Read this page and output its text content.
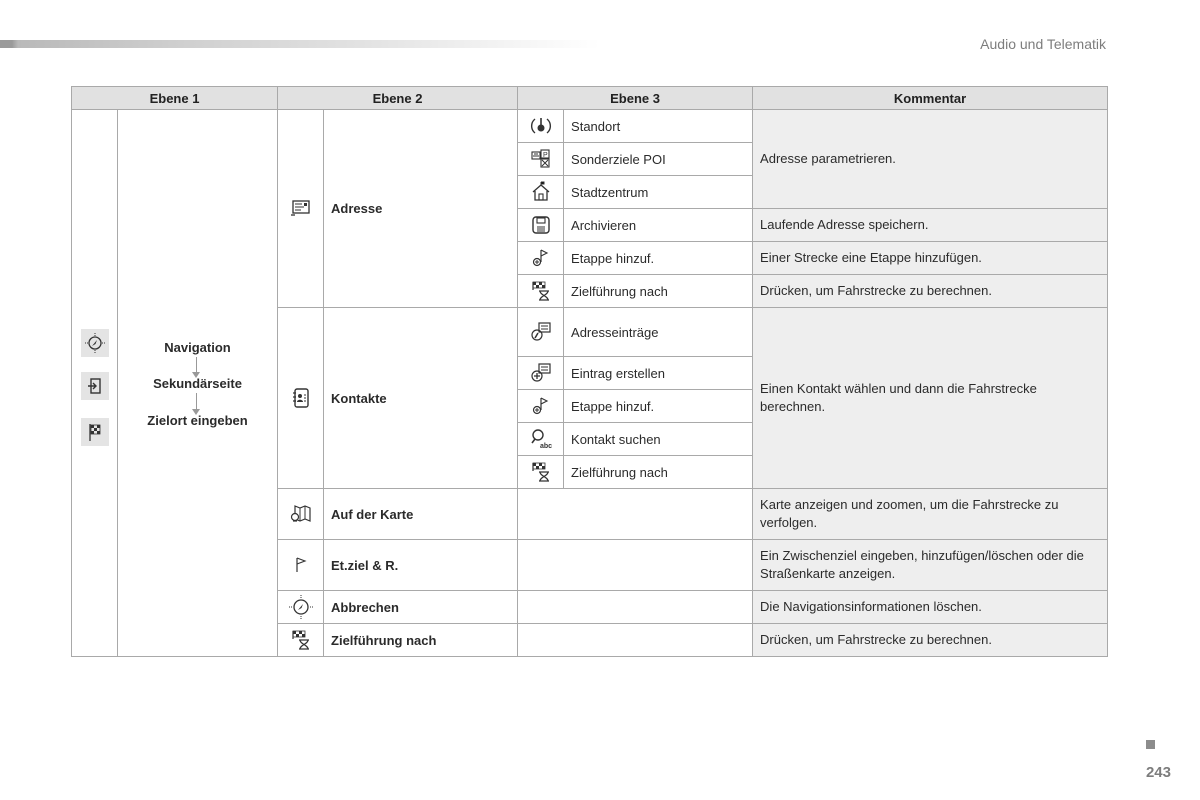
Audio und Telematik
Ebene 1		Ebene 2		Ebene 3		Kommentar

Navigation
Sekundärseite
Zielort eingeben		Adresse		Standort	Adresse parametrieren.

P	Sonderziele POI	

	Stadtzentrum	

	Archivieren	Laufende Adresse speichern.

	Etappe hinzuf.	Einer Strecke eine Etappe hinzufügen.

	Zielführung nach	Drücken, um Fahrstrecke zu berechnen.

	Kontakte		Adresseinträge	Einen Kontakt wählen und dann die Fahrstrecke berechnen.

	Eintrag erstellen	

	Etappe hinzuf.	

abc	Kontakt suchen	

	Zielführung nach	

	Auf der Karte			Karte anzeigen und zoomen, um die Fahrstrecke zu verfolgen.

	Et.ziel & R.			Ein Zwischenziel eingeben, hinzufügen/löschen oder die Straßenkarte anzeigen.

	Abbrechen			Die Navigationsinformationen löschen.

	Zielführung nach			Drücken, um Fahrstrecke zu berechnen.
243
